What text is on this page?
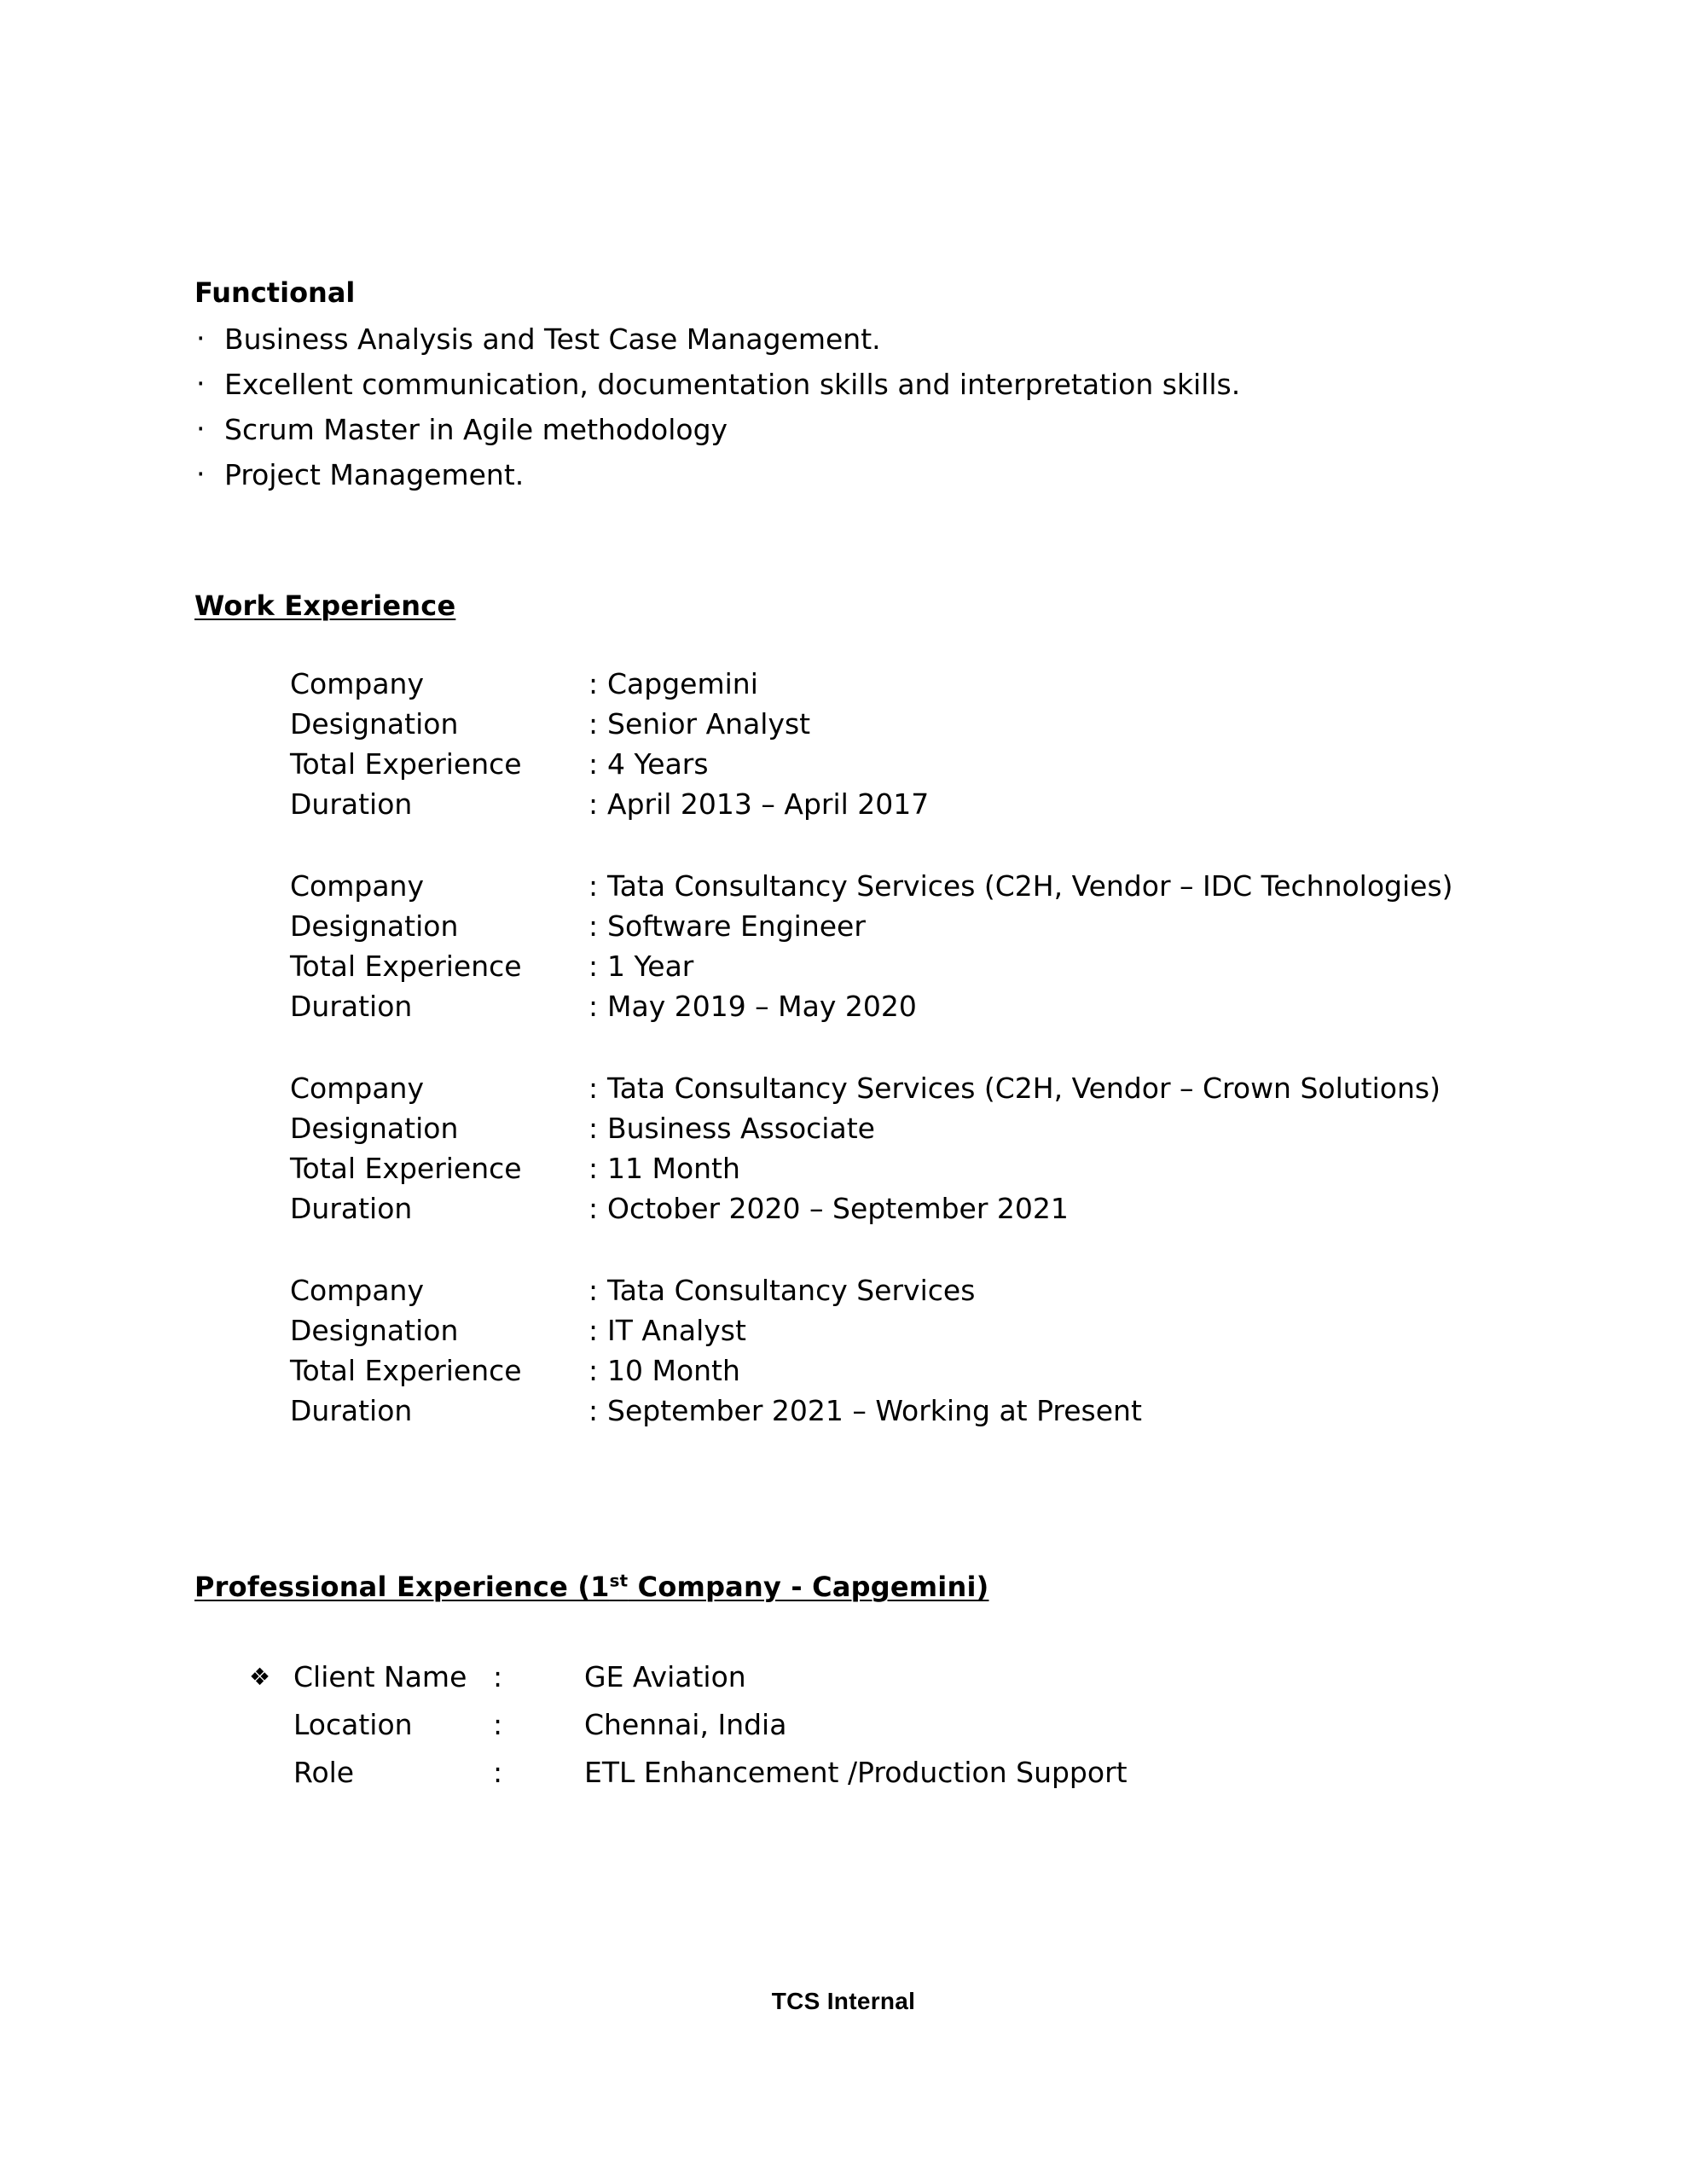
Functional
· Business Analysis and Test Case Management.
· Excellent communication, documentation skills and interpretation skills.
· Scrum Master in Agile methodology
· Project Management.
Work Experience
Company	: Capgemini
Designation	: Senior Analyst
Total Experience	: 4 Years
Duration	: April 2013 – April 2017
Company	: Tata Consultancy Services (C2H, Vendor – IDC Technologies)
Designation	: Software Engineer
Total Experience	: 1 Year
Duration	: May 2019 – May 2020
Company	: Tata Consultancy Services (C2H, Vendor – Crown Solutions)
Designation	: Business Associate
Total Experience	: 11 Month
Duration	: October 2020 – September 2021
Company	: Tata Consultancy Services
Designation	: IT Analyst
Total Experience	: 10 Month
Duration	: September 2021 – Working at Present
Professional Experience (1st Company - Capgemini)
❖ Client Name :	GE Aviation
Location	:	Chennai, India
Role	:	ETL Enhancement /Production Support
TCS Internal
